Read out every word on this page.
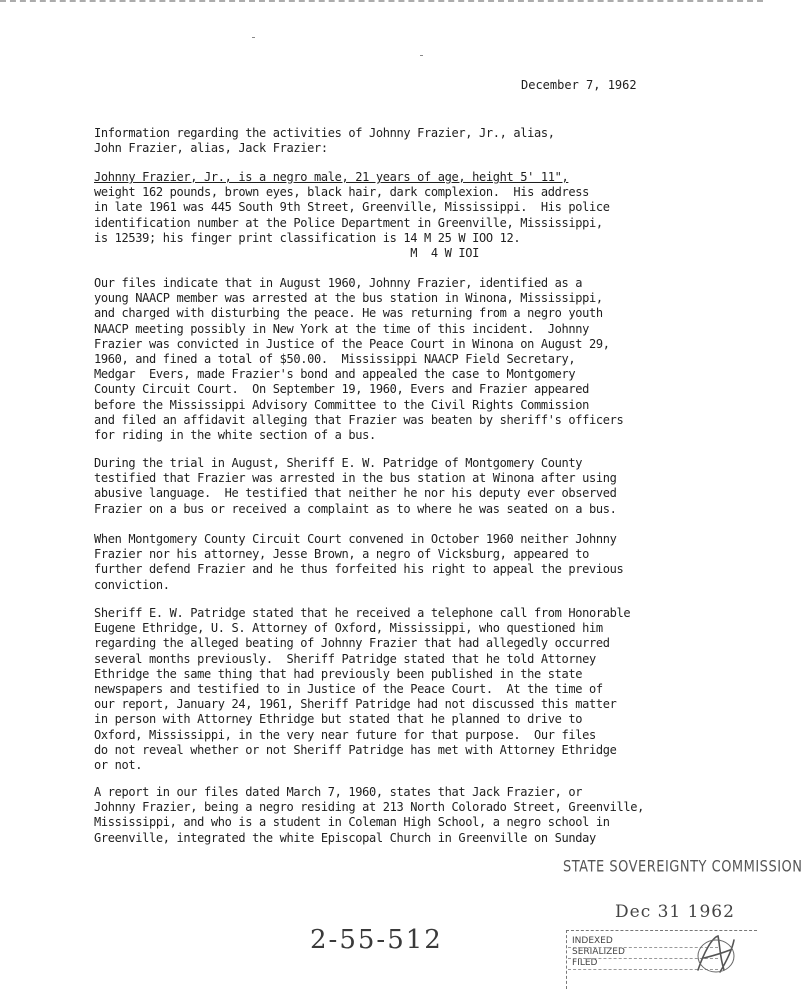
December 7, 1962
Information regarding the activities of Johnny Frazier, Jr., alias,
John Frazier, alias, Jack Frazier:
Johnny Frazier, Jr., is a negro male, 21 years of age, height 5' 11",
weight 162 pounds, brown eyes, black hair, dark complexion.  His address
in late 1961 was 445 South 9th Street, Greenville, Mississippi.  His police
identification number at the Police Department in Greenville, Mississippi,
is 12539; his finger print classification is 14 M 25 W IOO 12.
M  4 W IOI
Our files indicate that in August 1960, Johnny Frazier, identified as a
young NAACP member was arrested at the bus station in Winona, Mississippi,
and charged with disturbing the peace. He was returning from a negro youth
NAACP meeting possibly in New York at the time of this incident.  Johnny
Frazier was convicted in Justice of the Peace Court in Winona on August 29,
1960, and fined a total of $50.00.  Mississippi NAACP Field Secretary,
Medgar  Evers, made Frazier's bond and appealed the case to Montgomery
County Circuit Court.  On September 19, 1960, Evers and Frazier appeared
before the Mississippi Advisory Committee to the Civil Rights Commission
and filed an affidavit alleging that Frazier was beaten by sheriff's officers
for riding in the white section of a bus.
During the trial in August, Sheriff E. W. Patridge of Montgomery County
testified that Frazier was arrested in the bus station at Winona after using
abusive language.  He testified that neither he nor his deputy ever observed
Frazier on a bus or received a complaint as to where he was seated on a bus.
When Montgomery County Circuit Court convened in October 1960 neither Johnny
Frazier nor his attorney, Jesse Brown, a negro of Vicksburg, appeared to
further defend Frazier and he thus forfeited his right to appeal the previous
conviction.
Sheriff E. W. Patridge stated that he received a telephone call from Honorable
Eugene Ethridge, U. S. Attorney of Oxford, Mississippi, who questioned him
regarding the alleged beating of Johnny Frazier that had allegedly occurred
several months previously.  Sheriff Patridge stated that he told Attorney
Ethridge the same thing that had previously been published in the state
newspapers and testified to in Justice of the Peace Court.  At the time of
our report, January 24, 1961, Sheriff Patridge had not discussed this matter
in person with Attorney Ethridge but stated that he planned to drive to
Oxford, Mississippi, in the very near future for that purpose.  Our files
do not reveal whether or not Sheriff Patridge has met with Attorney Ethridge
or not.
A report in our files dated March 7, 1960, states that Jack Frazier, or
Johnny Frazier, being a negro residing at 213 North Colorado Street, Greenville,
Mississippi, and who is a student in Coleman High School, a negro school in
Greenville, integrated the white Episcopal Church in Greenville on Sunday
STATE SOVEREIGNTY COMMISSION
Dec 31 1962
INDEXED
SERIALIZED
FILED
2-55-512
